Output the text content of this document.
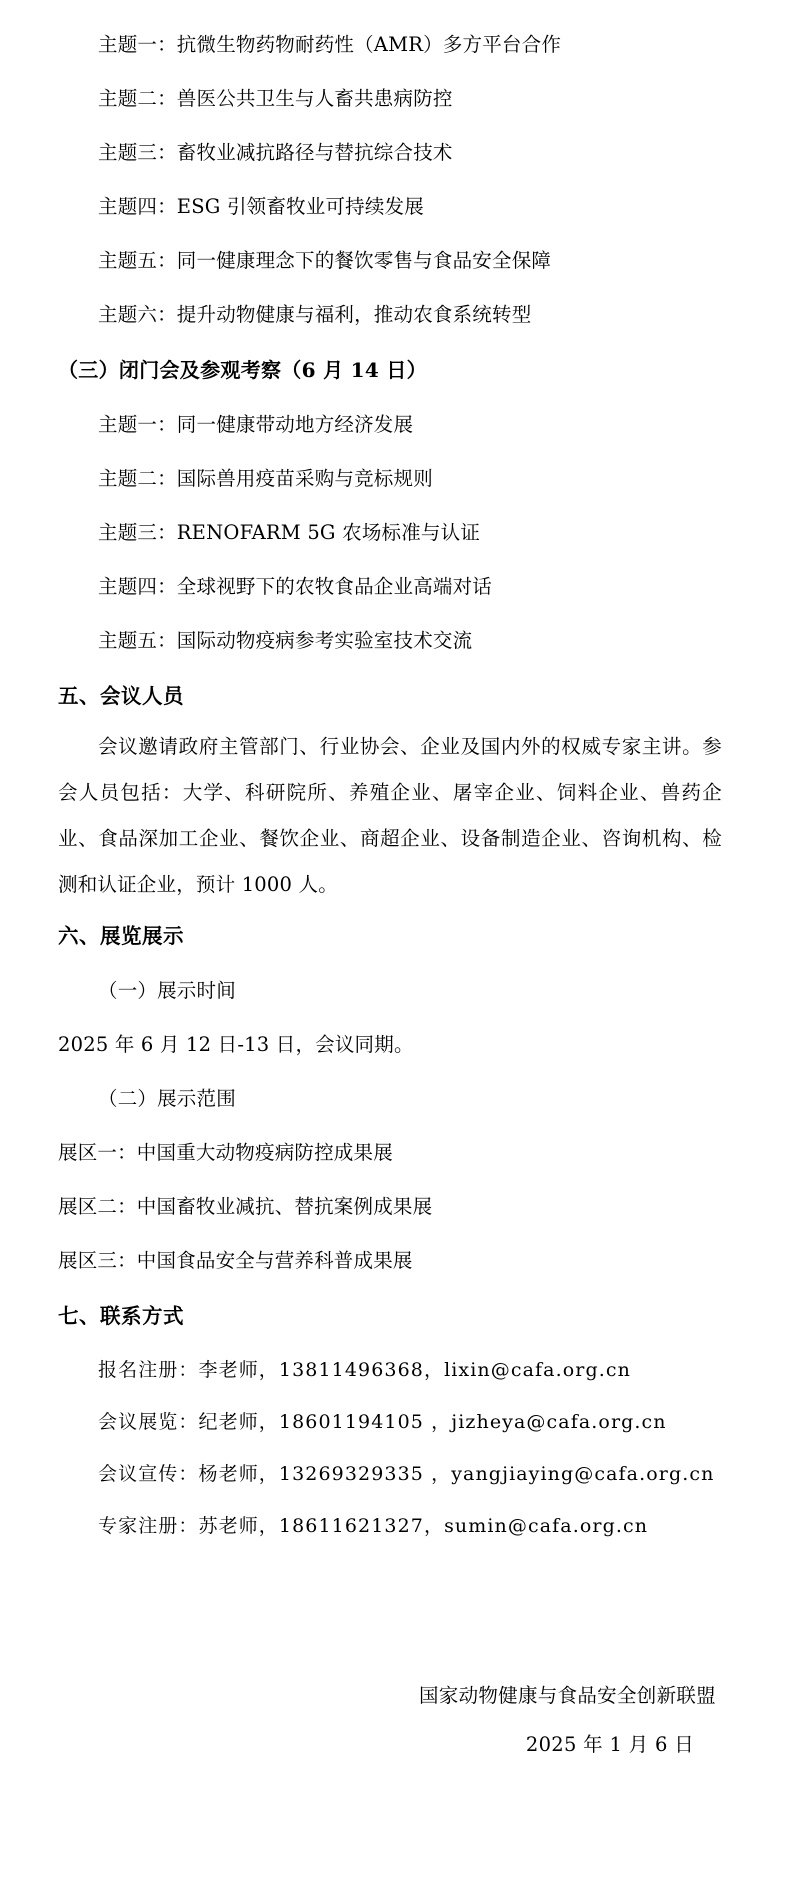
主题一：抗微生物药物耐药性（AMR）多方平台合作
主题二：兽医公共卫生与人畜共患病防控
主题三：畜牧业减抗路径与替抗综合技术
主题四：ESG 引领畜牧业可持续发展
主题五：同一健康理念下的餐饮零售与食品安全保障
主题六：提升动物健康与福利，推动农食系统转型
（三）闭门会及参观考察（6 月 14 日）
主题一：同一健康带动地方经济发展
主题二：国际兽用疫苗采购与竞标规则
主题三：RENOFARM 5G 农场标准与认证
主题四：全球视野下的农牧食品企业高端对话
主题五：国际动物疫病参考实验室技术交流
五、会议人员
会议邀请政府主管部门、行业协会、企业及国内外的权威专家主讲。参会人员包括：大学、科研院所、养殖企业、屠宰企业、饲料企业、兽药企业、食品深加工企业、餐饮企业、商超企业、设备制造企业、咨询机构、检测和认证企业，预计 1000 人。
六、展览展示
（一）展示时间
2025 年 6 月 12 日-13 日，会议同期。
（二）展示范围
展区一：中国重大动物疫病防控成果展
展区二：中国畜牧业减抗、替抗案例成果展
展区三：中国食品安全与营养科普成果展
七、联系方式
报名注册：李老师，13811496368，lixin@cafa.org.cn
会议展览：纪老师，18601194105 ，jizheya@cafa.org.cn
会议宣传：杨老师，13269329335 ，yangjiaying@cafa.org.cn
专家注册：苏老师，18611621327，sumin@cafa.org.cn
国家动物健康与食品安全创新联盟
2025 年 1 月 6 日
